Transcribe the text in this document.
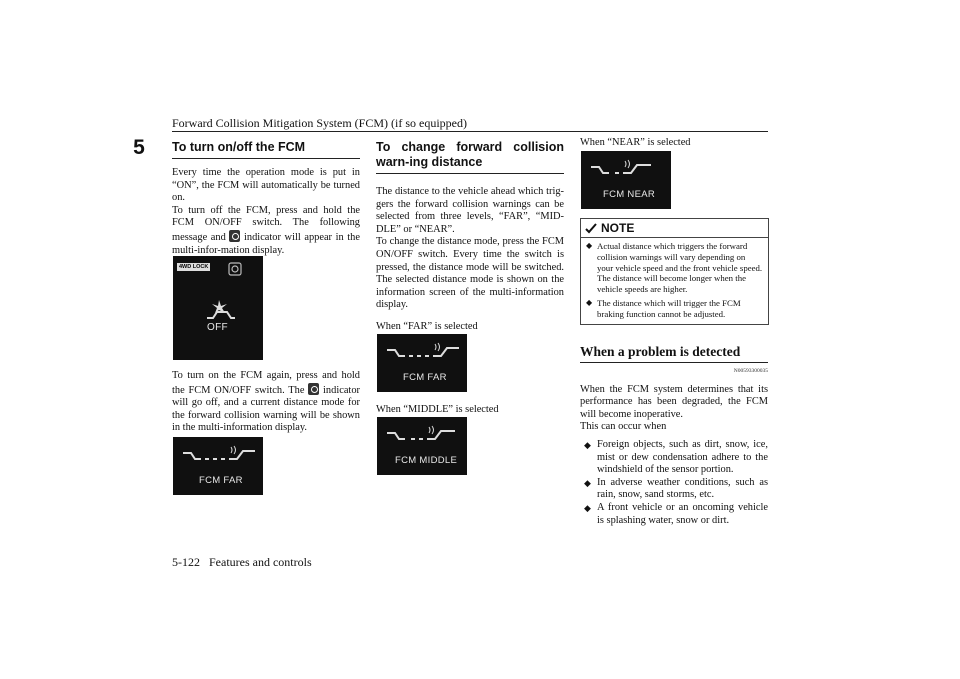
Forward Collision Mitigation System (FCM) (if so equipped)
5
5-122 Features and controls
To turn on/off the FCM
Every time the operation mode is put in “ON”, the FCM will automatically be turned on.
To turn off the FCM, press and hold the FCM ON/OFF switch. The following message and indicator will appear in the multi-infor-mation display.
4WD LOCK
OFF
To turn on the FCM again, press and hold the FCM ON/OFF switch. The indicator will go off, and a current distance mode for the forward collision warning will be shown in the multi-information display.
FCM FAR
To change forward collision warn-ing distance
The distance to the vehicle ahead which trig-gers the forward collision warnings can be selected from three levels, “FAR”, “MID-DLE” or “NEAR”.
To change the distance mode, press the FCM ON/OFF switch. Every time the switch is pressed, the distance mode will be switched. The selected distance mode is shown on the information screen of the multi-information display.
When “FAR” is selected
FCM FAR
When “MIDDLE” is selected
FCM MIDDLE
When “NEAR” is selected
FCM NEAR
NOTE
◆ Actual distance which triggers the forward collision warnings will vary depending on your vehicle speed and the front vehicle speed. The distance will become longer when the vehicle speeds are higher.
◆ The distance which will trigger the FCM braking function cannot be adjusted.
When a problem is detected
N00593300035
When the FCM system determines that its performance has been degraded, the FCM will become inoperative.
This can occur when
◆ Foreign objects, such as dirt, snow, ice, mist or dew condensation adhere to the windshield of the sensor portion.
◆ In adverse weather conditions, such as rain, snow, sand storms, etc.
◆ A front vehicle or an oncoming vehicle is splashing water, snow or dirt.
